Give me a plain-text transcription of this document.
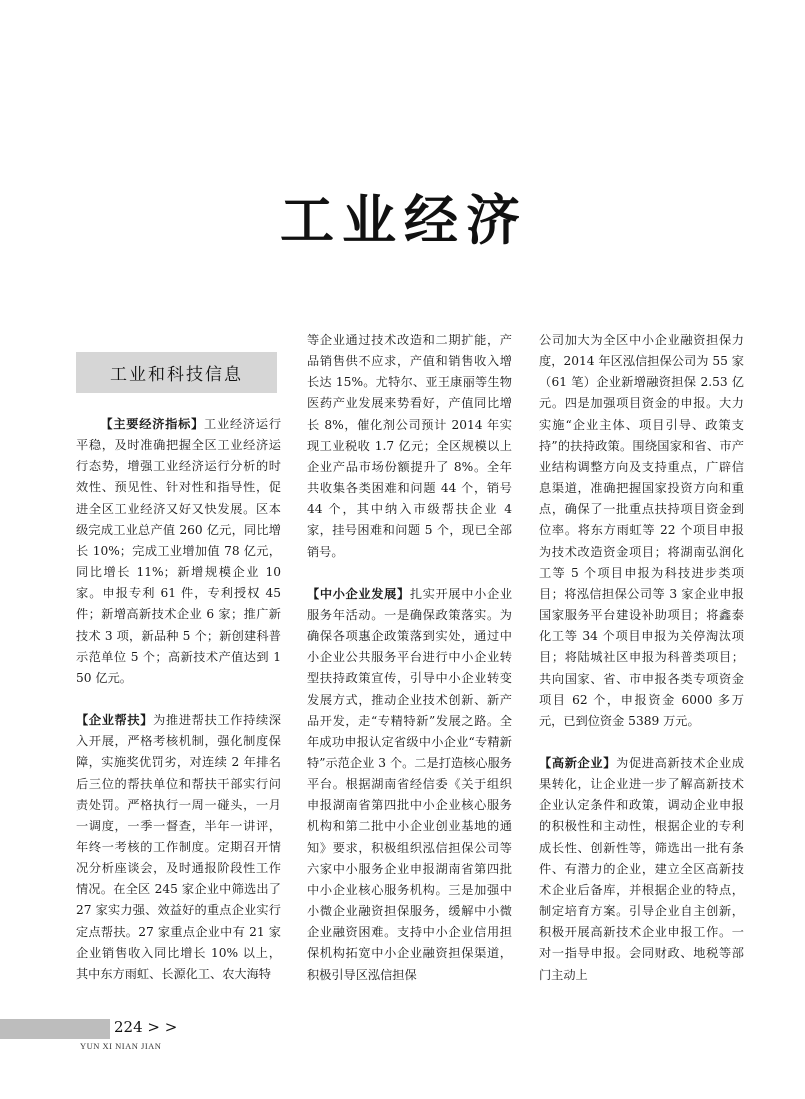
工业经济
工业和科技信息

【主要经济指标】工业经济运行平稳，及时准确把握全区工业经济运行态势，增强工业经济运行分析的时效性、预见性、针对性和指导性，促进全区工业经济又好又快发展。区本级完成工业总产值 260 亿元，同比增长 10%；完成工业增加值 78 亿元，同比增长 11%；新增规模企业 10 家。申报专利 61 件，专利授权 45 件；新增高新技术企业 6 家；推广新技术 3 项，新品种 5 个；新创建科普示范单位 5 个；高新技术产值达到 150 亿元。

【企业帮扶】为推进帮扶工作持续深入开展，严格考核机制，强化制度保障，实施奖优罚劣，对连续 2 年排名后三位的帮扶单位和帮扶干部实行问责处罚。严格执行一周一碰头，一月一调度，一季一督查，半年一讲评，年终一考核的工作制度。定期召开情况分析座谈会，及时通报阶段性工作情况。在全区 245 家企业中筛选出了 27 家实力强、效益好的重点企业实行定点帮扶。27 家重点企业中有 21 家企业销售收入同比增长 10% 以上，其中东方雨虹、长源化工、农大海特

等企业通过技术改造和二期扩能，产品销售供不应求，产值和销售收入增长达 15%。尤特尔、亚王康丽等生物医药产业发展来势看好，产值同比增长 8%，催化剂公司预计 2014 年实现工业税收 1.7 亿元；全区规模以上企业产品市场份额提升了 8%。全年共收集各类困难和问题 44 个，销号 44 个，其中纳入市级帮扶企业 4 家，挂号困难和问题 5 个，现已全部销号。

【中小企业发展】扎实开展中小企业服务年活动。一是确保政策落实。为确保各项惠企政策落到实处，通过中小企业公共服务平台进行中小企业转型扶持政策宣传，引导中小企业转变发展方式，推动企业技术创新、新产品开发，走“专精特新”发展之路。全年成功申报认定省级中小企业“专精新特”示范企业 3 个。二是打造核心服务平台。根据湖南省经信委《关于组织申报湖南省第四批中小企业核心服务机构和第二批中小企业创业基地的通知》要求，积极组织泓信担保公司等六家中小服务企业申报湖南省第四批中小企业核心服务机构。三是加强中小微企业融资担保服务，缓解中小微企业融资困难。支持中小企业信用担保机构拓宽中小企业融资担保渠道，积极引导区泓信担保

公司加大为全区中小企业融资担保力度，2014 年区泓信担保公司为 55 家（61 笔）企业新增融资担保 2.53 亿元。四是加强项目资金的申报。大力实施“企业主体、项目引导、政策支持”的扶持政策。围绕国家和省、市产业结构调整方向及支持重点，广辟信息渠道，准确把握国家投资方向和重点，确保了一批重点扶持项目资金到位率。将东方雨虹等 22 个项目申报为技术改造资金项目；将湖南弘润化工等 5 个项目申报为科技进步类项目；将泓信担保公司等 3 家企业申报国家服务平台建设补助项目；将鑫泰化工等 34 个项目申报为关停淘汰项目；将陆城社区申报为科普类项目；共向国家、省、市申报各类专项资金项目 62 个，申报资金 6000 多万元，已到位资金 5389 万元。

【高新企业】为促进高新技术企业成果转化，让企业进一步了解高新技术企业认定条件和政策，调动企业申报的积极性和主动性，根据企业的专利成长性、创新性等，筛选出一批有条件、有潜力的企业，建立全区高新技术企业后备库，并根据企业的特点，制定培育方案。引导企业自主创新，积极开展高新技术企业申报工作。一对一指导申报。会同财政、地税等部门主动上

224 > >
YUN XI NIAN JIAN
